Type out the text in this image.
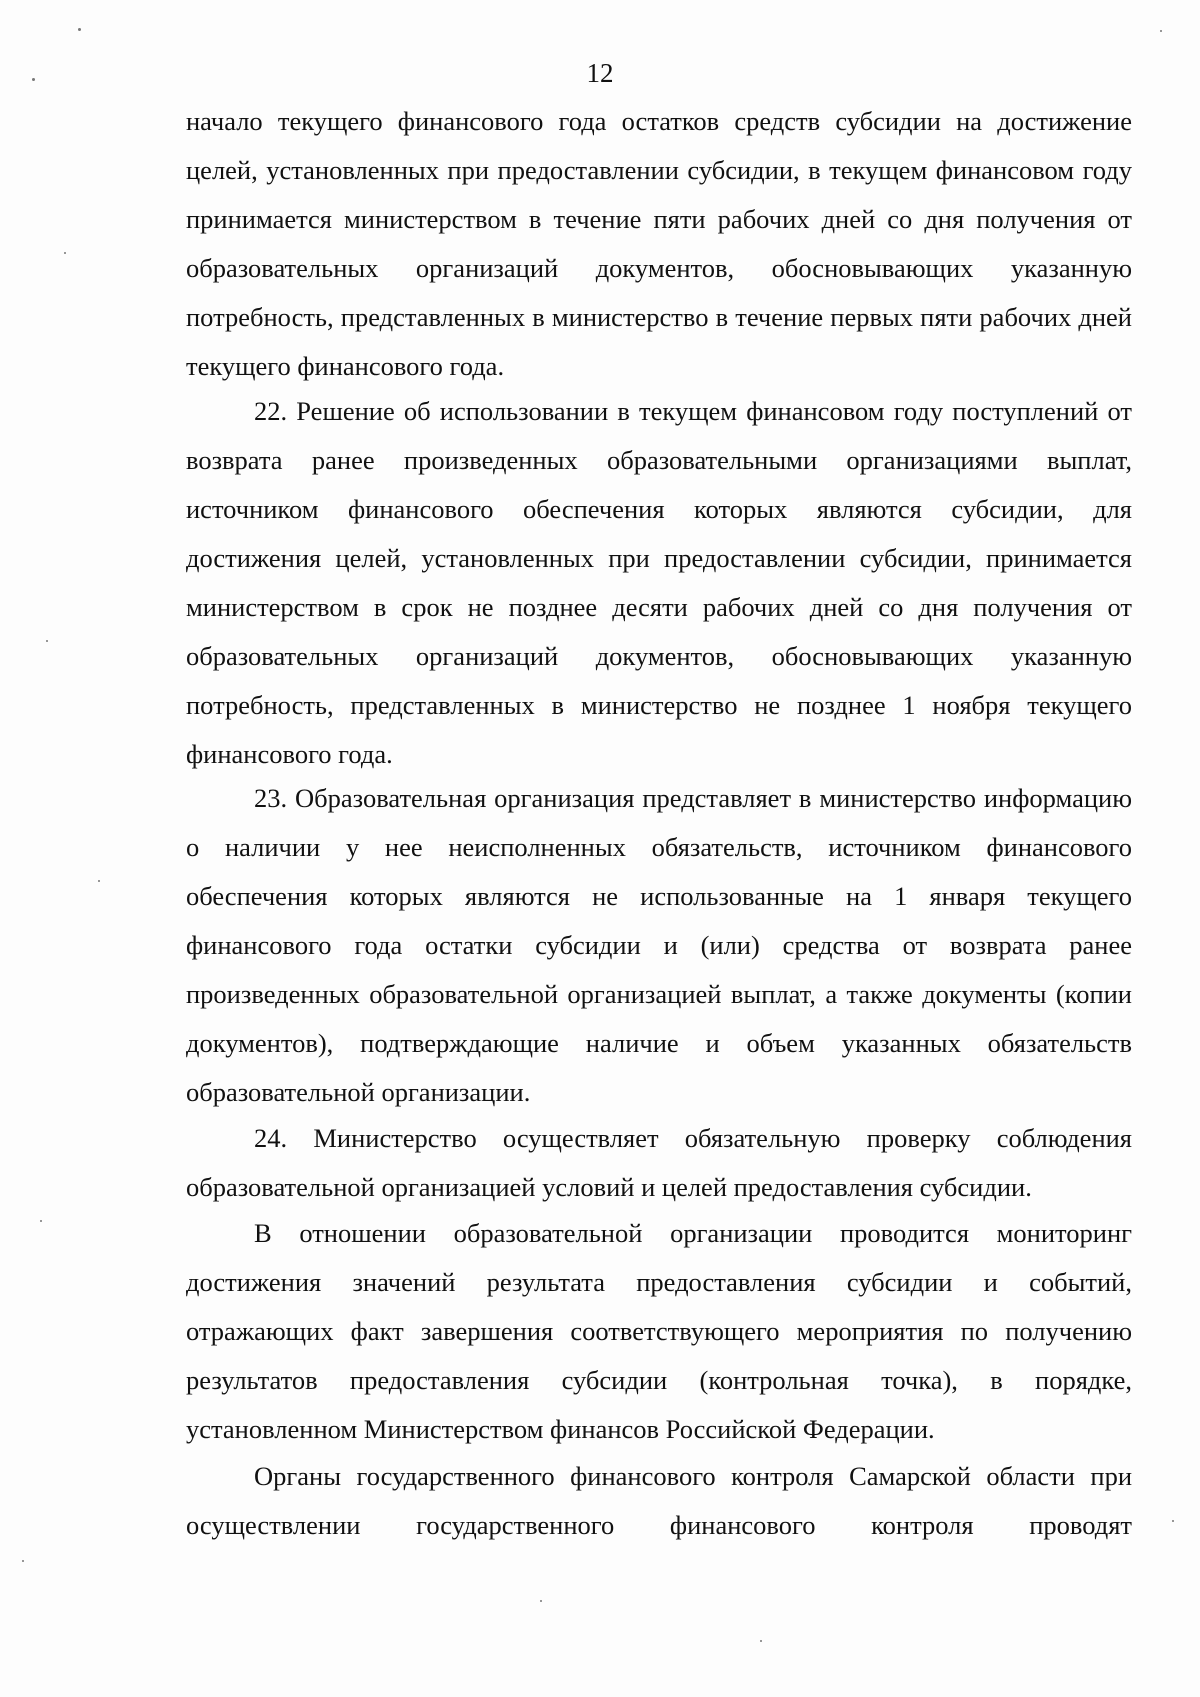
12

начало текущего финансового года остатков средств субсидии на достижение целей, установленных при предоставлении субсидии, в текущем финансовом году принимается министерством в течение пяти рабочих дней со дня получения от образовательных организаций документов, обосновывающих указанную потребность, представленных в министерство в течение первых пяти рабочих дней текущего финансового года.

22. Решение об использовании в текущем финансовом году поступлений от возврата ранее произведенных образовательными организациями выплат, источником финансового обеспечения которых являются субсидии, для достижения целей, установленных при предоставлении субсидии, принимается министерством в срок не позднее десяти рабочих дней со дня получения от образовательных организаций документов, обосновывающих указанную потребность, представленных в министерство не позднее 1 ноября текущего финансового года.

23. Образовательная организация представляет в министерство информацию о наличии у нее неисполненных обязательств, источником финансового обеспечения которых являются не использованные на 1 января текущего финансового года остатки субсидии и (или) средства от возврата ранее произведенных образовательной организацией выплат, а также документы (копии документов), подтверждающие наличие и объем указанных обязательств образовательной организации.

24. Министерство осуществляет обязательную проверку соблюдения образовательной организацией условий и целей предоставления субсидии.

В отношении образовательной организации проводится мониторинг достижения значений результата предоставления субсидии и событий, отражающих факт завершения соответствующего мероприятия по получению результатов предоставления субсидии (контрольная точка), в порядке, установленном Министерством финансов Российской Федерации.

Органы государственного финансового контроля Самарской области при осуществлении государственного финансового контроля проводят
